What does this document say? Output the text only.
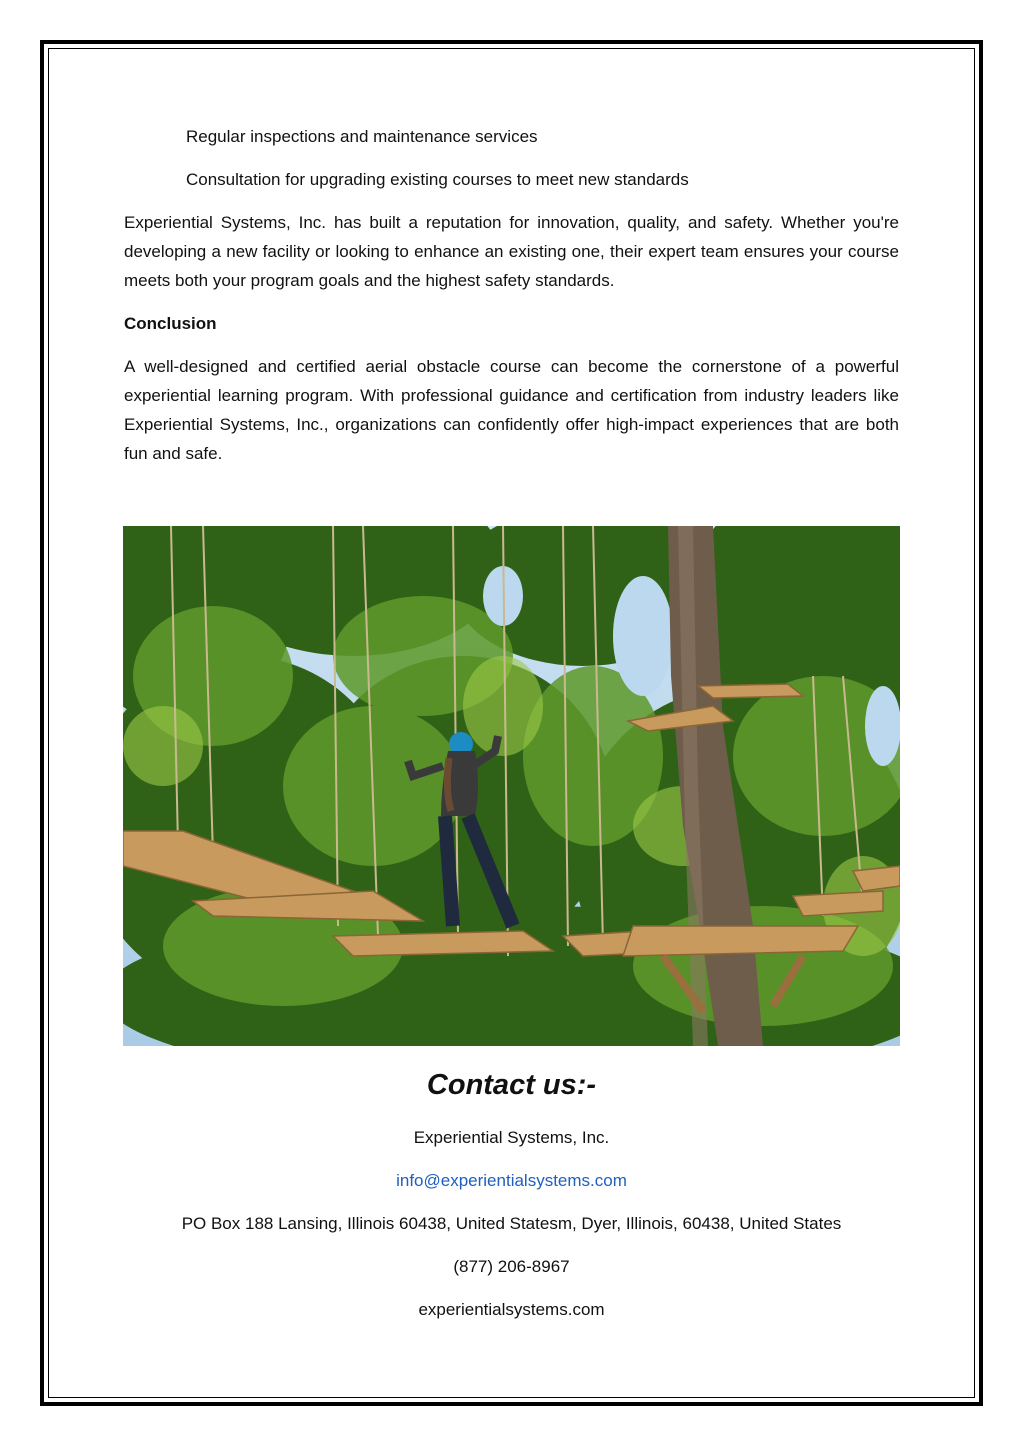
Regular inspections and maintenance services
Consultation for upgrading existing courses to meet new standards
Experiential Systems, Inc. has built a reputation for innovation, quality, and safety. Whether you're developing a new facility or looking to enhance an existing one, their expert team ensures your course meets both your program goals and the highest safety standards.
Conclusion
A well-designed and certified aerial obstacle course can become the cornerstone of a powerful experiential learning program. With professional guidance and certification from industry leaders like Experiential Systems, Inc., organizations can confidently offer high-impact experiences that are both fun and safe.
Contact us:-
Experiential Systems, Inc.
info@experientialsystems.com
PO Box 188 Lansing, Illinois 60438, United Statesm, Dyer, Illinois, 60438, United States
(877) 206-8967
experientialsystems.com
